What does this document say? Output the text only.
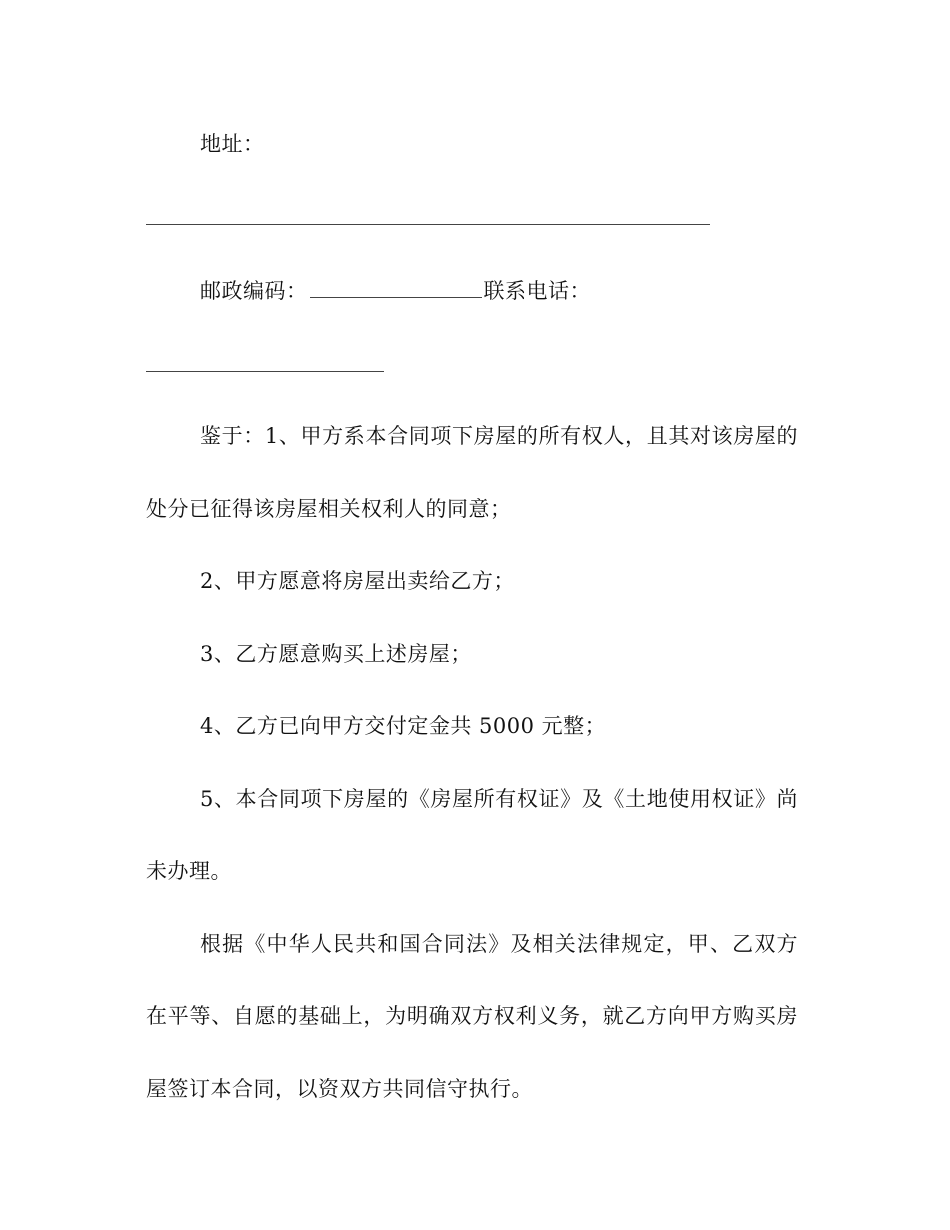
地址：
邮政编码：	联系电话：
鉴于：1、甲方系本合同项下房屋的所有权人，且其对该房屋的
处分已征得该房屋相关权利人的同意；
2、甲方愿意将房屋出卖给乙方；
3、乙方愿意购买上述房屋；
4、乙方已向甲方交付定金共 5000 元整；
5、本合同项下房屋的《房屋所有权证》及《土地使用权证》尚
未办理。
根据《中华人民共和国合同法》及相关法律规定，甲、乙双方
在平等、自愿的基础上，为明确双方权利义务，就乙方向甲方购买房
屋签订本合同，以资双方共同信守执行。
